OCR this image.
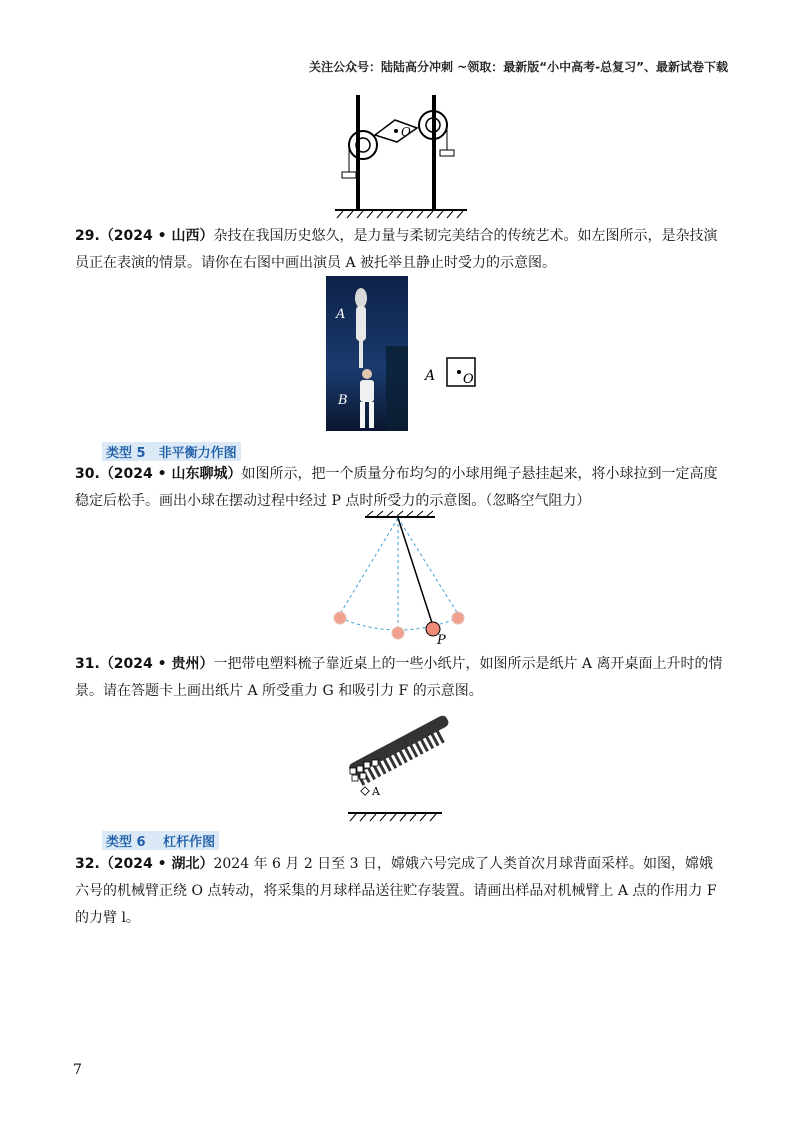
关注公众号：陆陆高分冲刺 ~领取：最新版“小中高考-总复习”、最新试卷下载
O
29.（2024 • 山西）杂技在我国历史悠久，是力量与柔韧完美结合的传统艺术。如左图所示，是杂技演员正在表演的情景。请你在右图中画出演员 A 被托举且静止时受力的示意图。
A
B
A O
类型 5　非平衡力作图
30.（2024 • 山东聊城）如图所示，把一个质量分布均匀的小球用绳子悬挂起来，将小球拉到一定高度稳定后松手。画出小球在摆动过程中经过 P 点时所受力的示意图。（忽略空气阻力）
P
31.（2024 • 贵州）一把带电塑料梳子靠近桌上的一些小纸片，如图所示是纸片 A 离开桌面上升时的情景。请在答题卡上画出纸片 A 所受重力 G 和吸引力 F 的示意图。
A
类型 6　 杠杆作图
32.（2024 • 湖北）2024 年 6 月 2 日至 3 日，嫦娥六号完成了人类首次月球背面采样。如图，嫦娥六号的机械臂正绕 O 点转动，将采集的月球样品送往贮存装置。请画出样品对机械臂上 A 点的作用力 F 的力臂 l。
7
